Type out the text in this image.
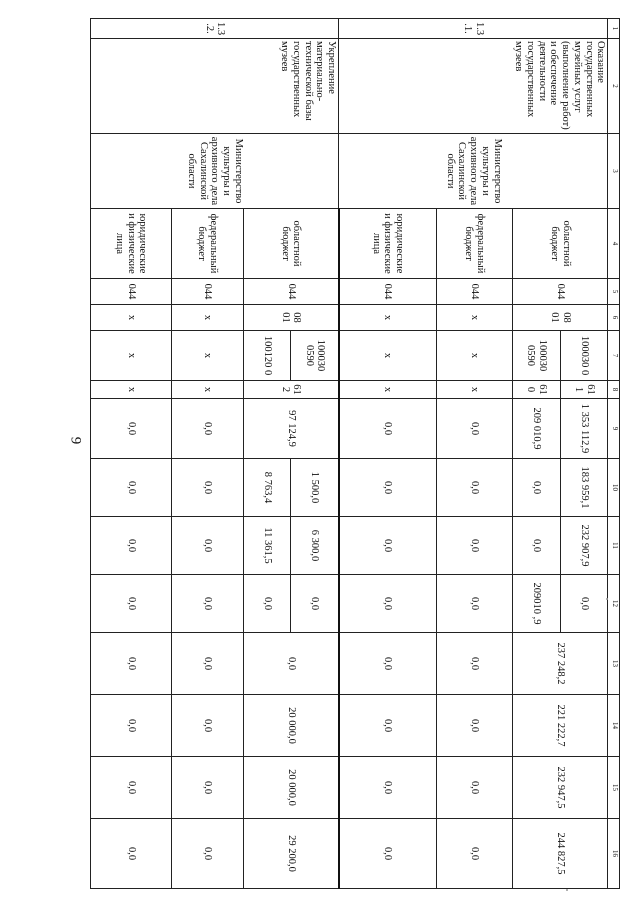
9
1	2	3	4	5	6	7	8	9	10	11	12	13	14	15	16
1.3.1.	Оказание государственных музейных услуг (выполнение работ) и обеспечение деятельности государственных музеев	Министерство культуры и архивного дела Сахалинской области	областной бюджет	044	08 01	100030 0	61 1	1 353 112,9	183 959,1	232 907,9	0,0	237 248,2	221 222,7	232 947,5	244 827,5
						100030 0590	61 0	209 010,9	0,0	0,0	209010 ,9				
			федеральный бюджет	044	х	х	х	0,0	0,0	0,0	0,0	0,0	0,0	0,0	0,0

			юридические и физические лица	044	х	х	х	0,0	0,0	0,0	0,0	0,0	0,0	0,0	0,0

1.3.2.	Укрепление материально-технической базы государственных музеев	Министерство культуры и архивного дела Сахалинской области	областной бюджет	044	08 01	100030 0590	61 2	97 124,9	1 500,0	6 300,0	0,0	0,0	20 000,0	20 000,0	29 200,0
						100120 0			8 763,4	11 361,5	0,0				
			федеральный бюджет	044	х	х	х	0,0	0,0	0,0	0,0	0,0	0,0	0,0	0,0

			юридические и физические лица	044	х	х	х	0,0	0,0	0,0	0,0	0,0	0,0	0,0	0,0
